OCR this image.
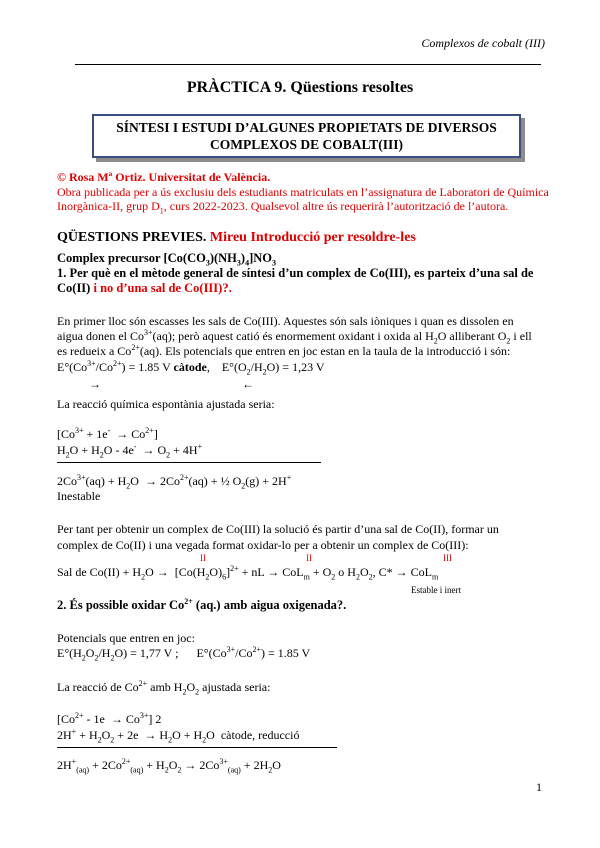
Complexos de cobalt (III)
PRÀCTICA 9. Qüestions resoltes
SÍNTESI I ESTUDI D’ALGUNES PROPIETATS DE DIVERSOS
COMPLEXOS DE COBALT(III)
© Rosa Mª Ortiz. Universitat de València.
Obra publicada per a ús exclusiu dels estudiants matriculats en l’assignatura de Laboratori de Química
Inorgànica-II, grup $D_1$, curs 2022-2023. Qualsevol altre ús requerirà l’autorització de l’autora.
QÜESTIONS PREVIES. Mireu Introducció per resoldre-les
Complex precursor $[Co(CO_3)(NH_3)_4]NO_3$
1. Per què en el mètode general de síntesi d’un complex de Co(III), es parteix d’una sal de Co(II) i no d’una sal de Co(III)?.
En primer lloc són escasses les sals de Co(III). Aquestes són sals iòniques i quan es dissolen en
aigua donen el $Co^{3+}(aq)$; però aquest catió és enormement oxidant i oxida al $H_2O$ alliberant $O_2$ i ell
es redueix a $Co^{2+}(aq)$. Els potencials que entren en joc estan en la taula de la introducció i són:
$E^\circ(Co^{3+}/Co^{2+}) = 1.85$ V càtode,    $E^\circ(O_2/H_2O) = 1,23$ V
→	←
La reacció química espontània ajustada seria:
$[Co^{3+} + 1e^- \to Co^{2+}]$
$H_2O + H_2O - 4e^- \to O_2 + 4H^+$
$2Co^{3+}(aq) + H_2O \to 2Co^{2+}(aq)$ + ½ $O_2(g) + 2H^+$
Inestable
Per tant per obtenir un complex de Co(III) la solució és partir d’una sal de Co(II), formar un
complex de Co(II) i una vegada format oxidar-lo per a obtenir un complex de Co(III):
II	II	III
Sal de $Co(II) + H_2O \to [Co(H_2O)_6]^{2+}$ + nL → $CoL_m + O_2$ o $H_2O_2$, C* → CoL$_m$
Estable i inert
2. És possible oxidar $Co^{2+}$ (aq.) amb aigua oxigenada?.
Potencials que entren en joc:
$E^\circ(H_2O_2/H_2O) = 1,77$ V ;      $E^\circ(Co^{3+}/Co^{2+}) = 1.85$ V
La reacció de $Co^{2+}$ amb $H_2O_2$ ajustada seria:
$[Co^{2+} - 1e \to Co^{3+}]$ 2
$2H^+ + H_2O_2 + 2e \to H_2O + H_2O$  càtode, reducció
$2H^+_{(aq)} + 2Co^{2+}_{(aq)} + H_2O_2 \to 2Co^{3+}_{(aq)} + 2H_2O$
1
